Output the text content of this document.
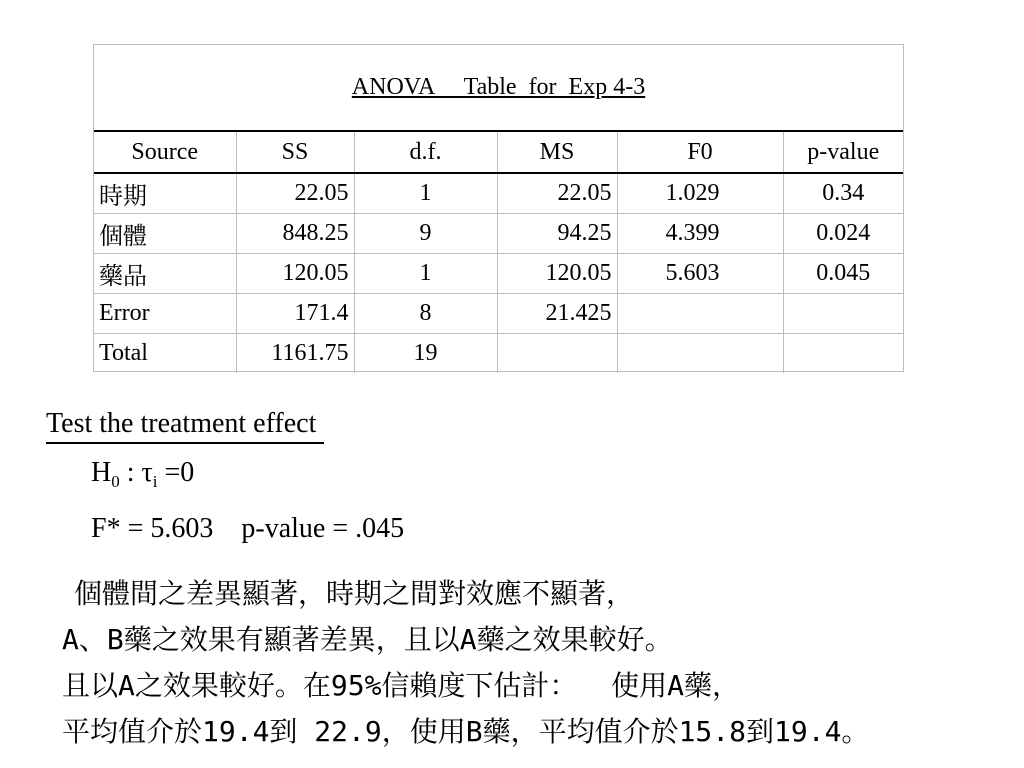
ANOVA     Table  for  Exp 4-3
Source	SS	d.f.	MS	F0	p-value
時期	22.05	1	22.05	1.029	0.34
個體	848.25	9	94.25	4.399	0.024
藥品	120.05	1	120.05	5.603	0.045
Error	171.4	8	21.425		
Total	1161.75	19			
Test the treatment effect
$H_0$ : $\tau_i =0$
F* = 5.603    p-value = .045
個體間之差異顯著，時期之間對效應不顯著，
A、B藥之效果有顯著差異，且以A藥之效果較好。
且以A之效果較好。在95%信賴度下估計：  使用A藥，
平均值介於19.4到 22.9，使用B藥，平均值介於15.8到19.4。
